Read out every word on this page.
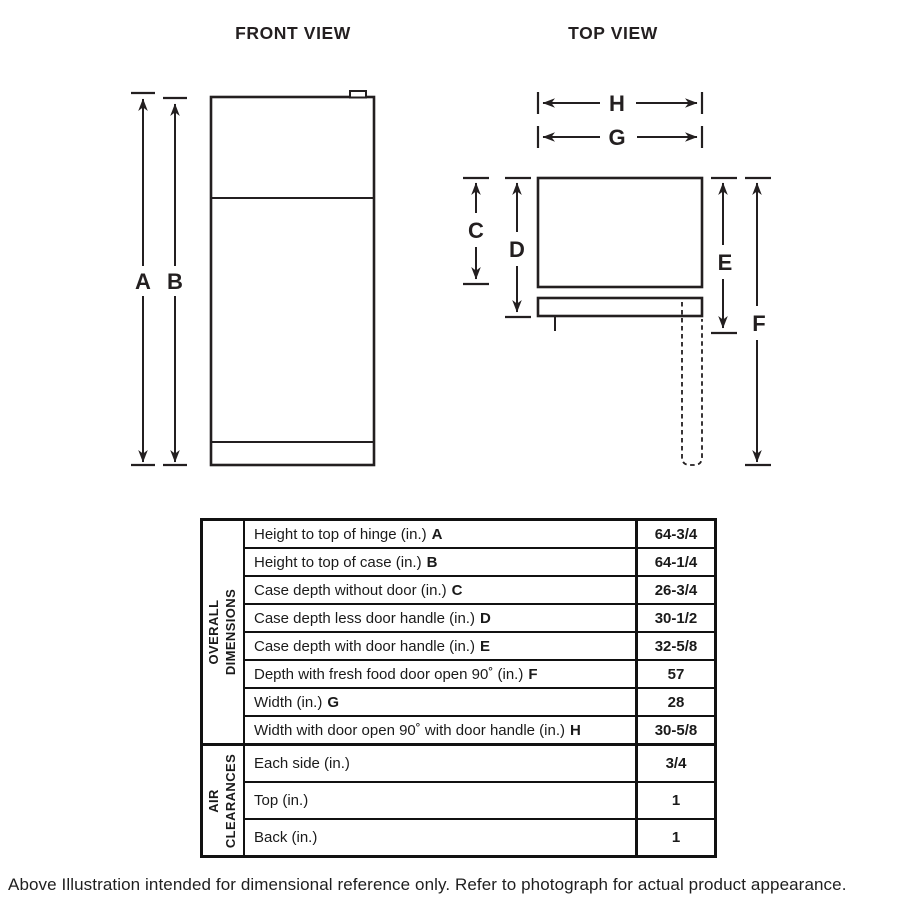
FRONT VIEW
A B
TOP VIEW
H
G
C
D
E
F
OVERALL DIMENSIONS
Height to top of hinge (in.) A	64-3/4
Height to top of case (in.) B	64-1/4
Case depth without door (in.) C	26-3/4
Case depth less door handle (in.) D	30-1/2
Case depth with door handle (in.) E	32-5/8
Depth with fresh food door open 90˚ (in.) F	57
Width (in.) G	28
Width with door open 90˚ with door handle (in.) H	30-5/8
AIR CLEARANCES Each side (in.)	3/4
Top (in.)	1
Back (in.)	1
Above Illustration intended for dimensional reference only. Refer to photograph for actual product appearance.
